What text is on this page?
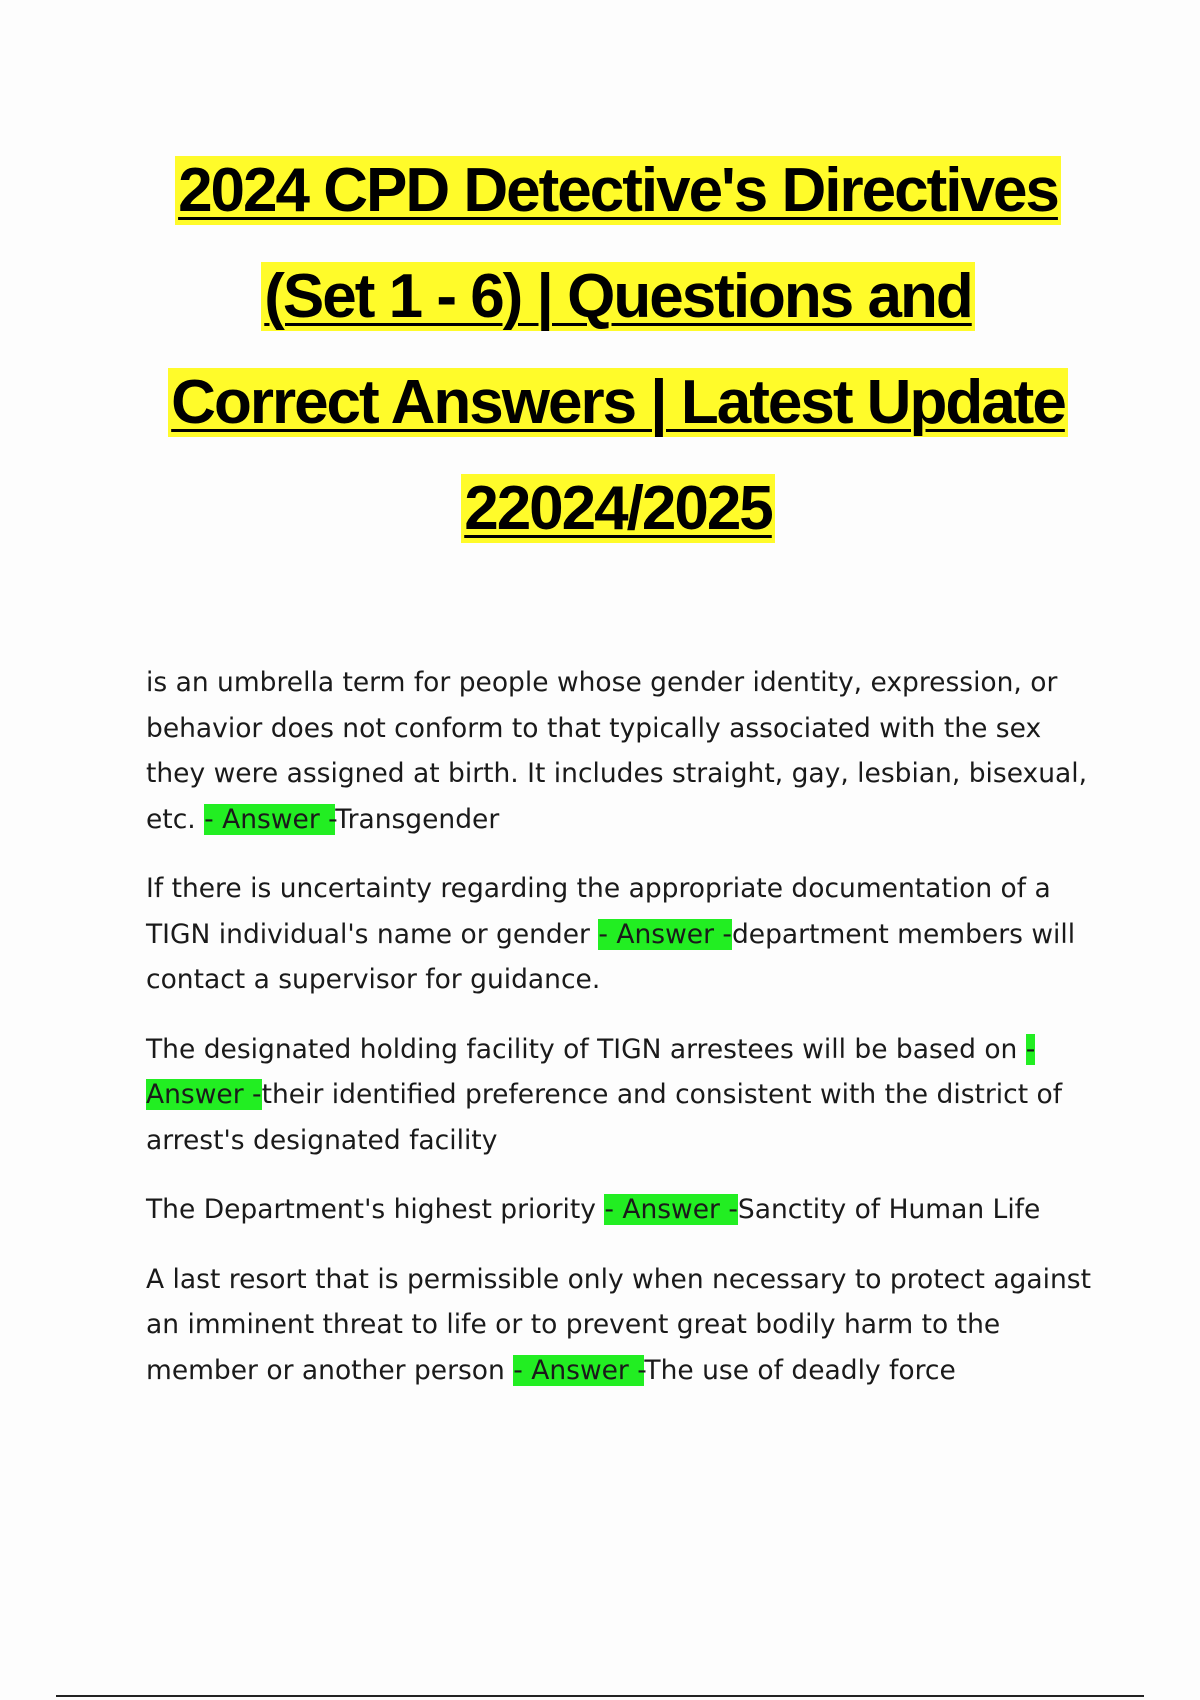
2024 CPD Detective's Directives
(Set 1 - 6) | Questions and
Correct Answers | Latest Update
22024/2025

is an umbrella term for people whose gender identity, expression, or behavior does not conform to that typically associated with the sex they were assigned at birth. It includes straight, gay, lesbian, bisexual, etc. - Answer -Transgender

If there is uncertainty regarding the appropriate documentation of a TIGN individual's name or gender - Answer -department members will contact a supervisor for guidance.

The designated holding facility of TIGN arrestees will be based on - Answer -their identified preference and consistent with the district of arrest's designated facility

The Department's highest priority - Answer -Sanctity of Human Life

A last resort that is permissible only when necessary to protect against an imminent threat to life or to prevent great bodily harm to the member or another person - Answer -The use of deadly force
